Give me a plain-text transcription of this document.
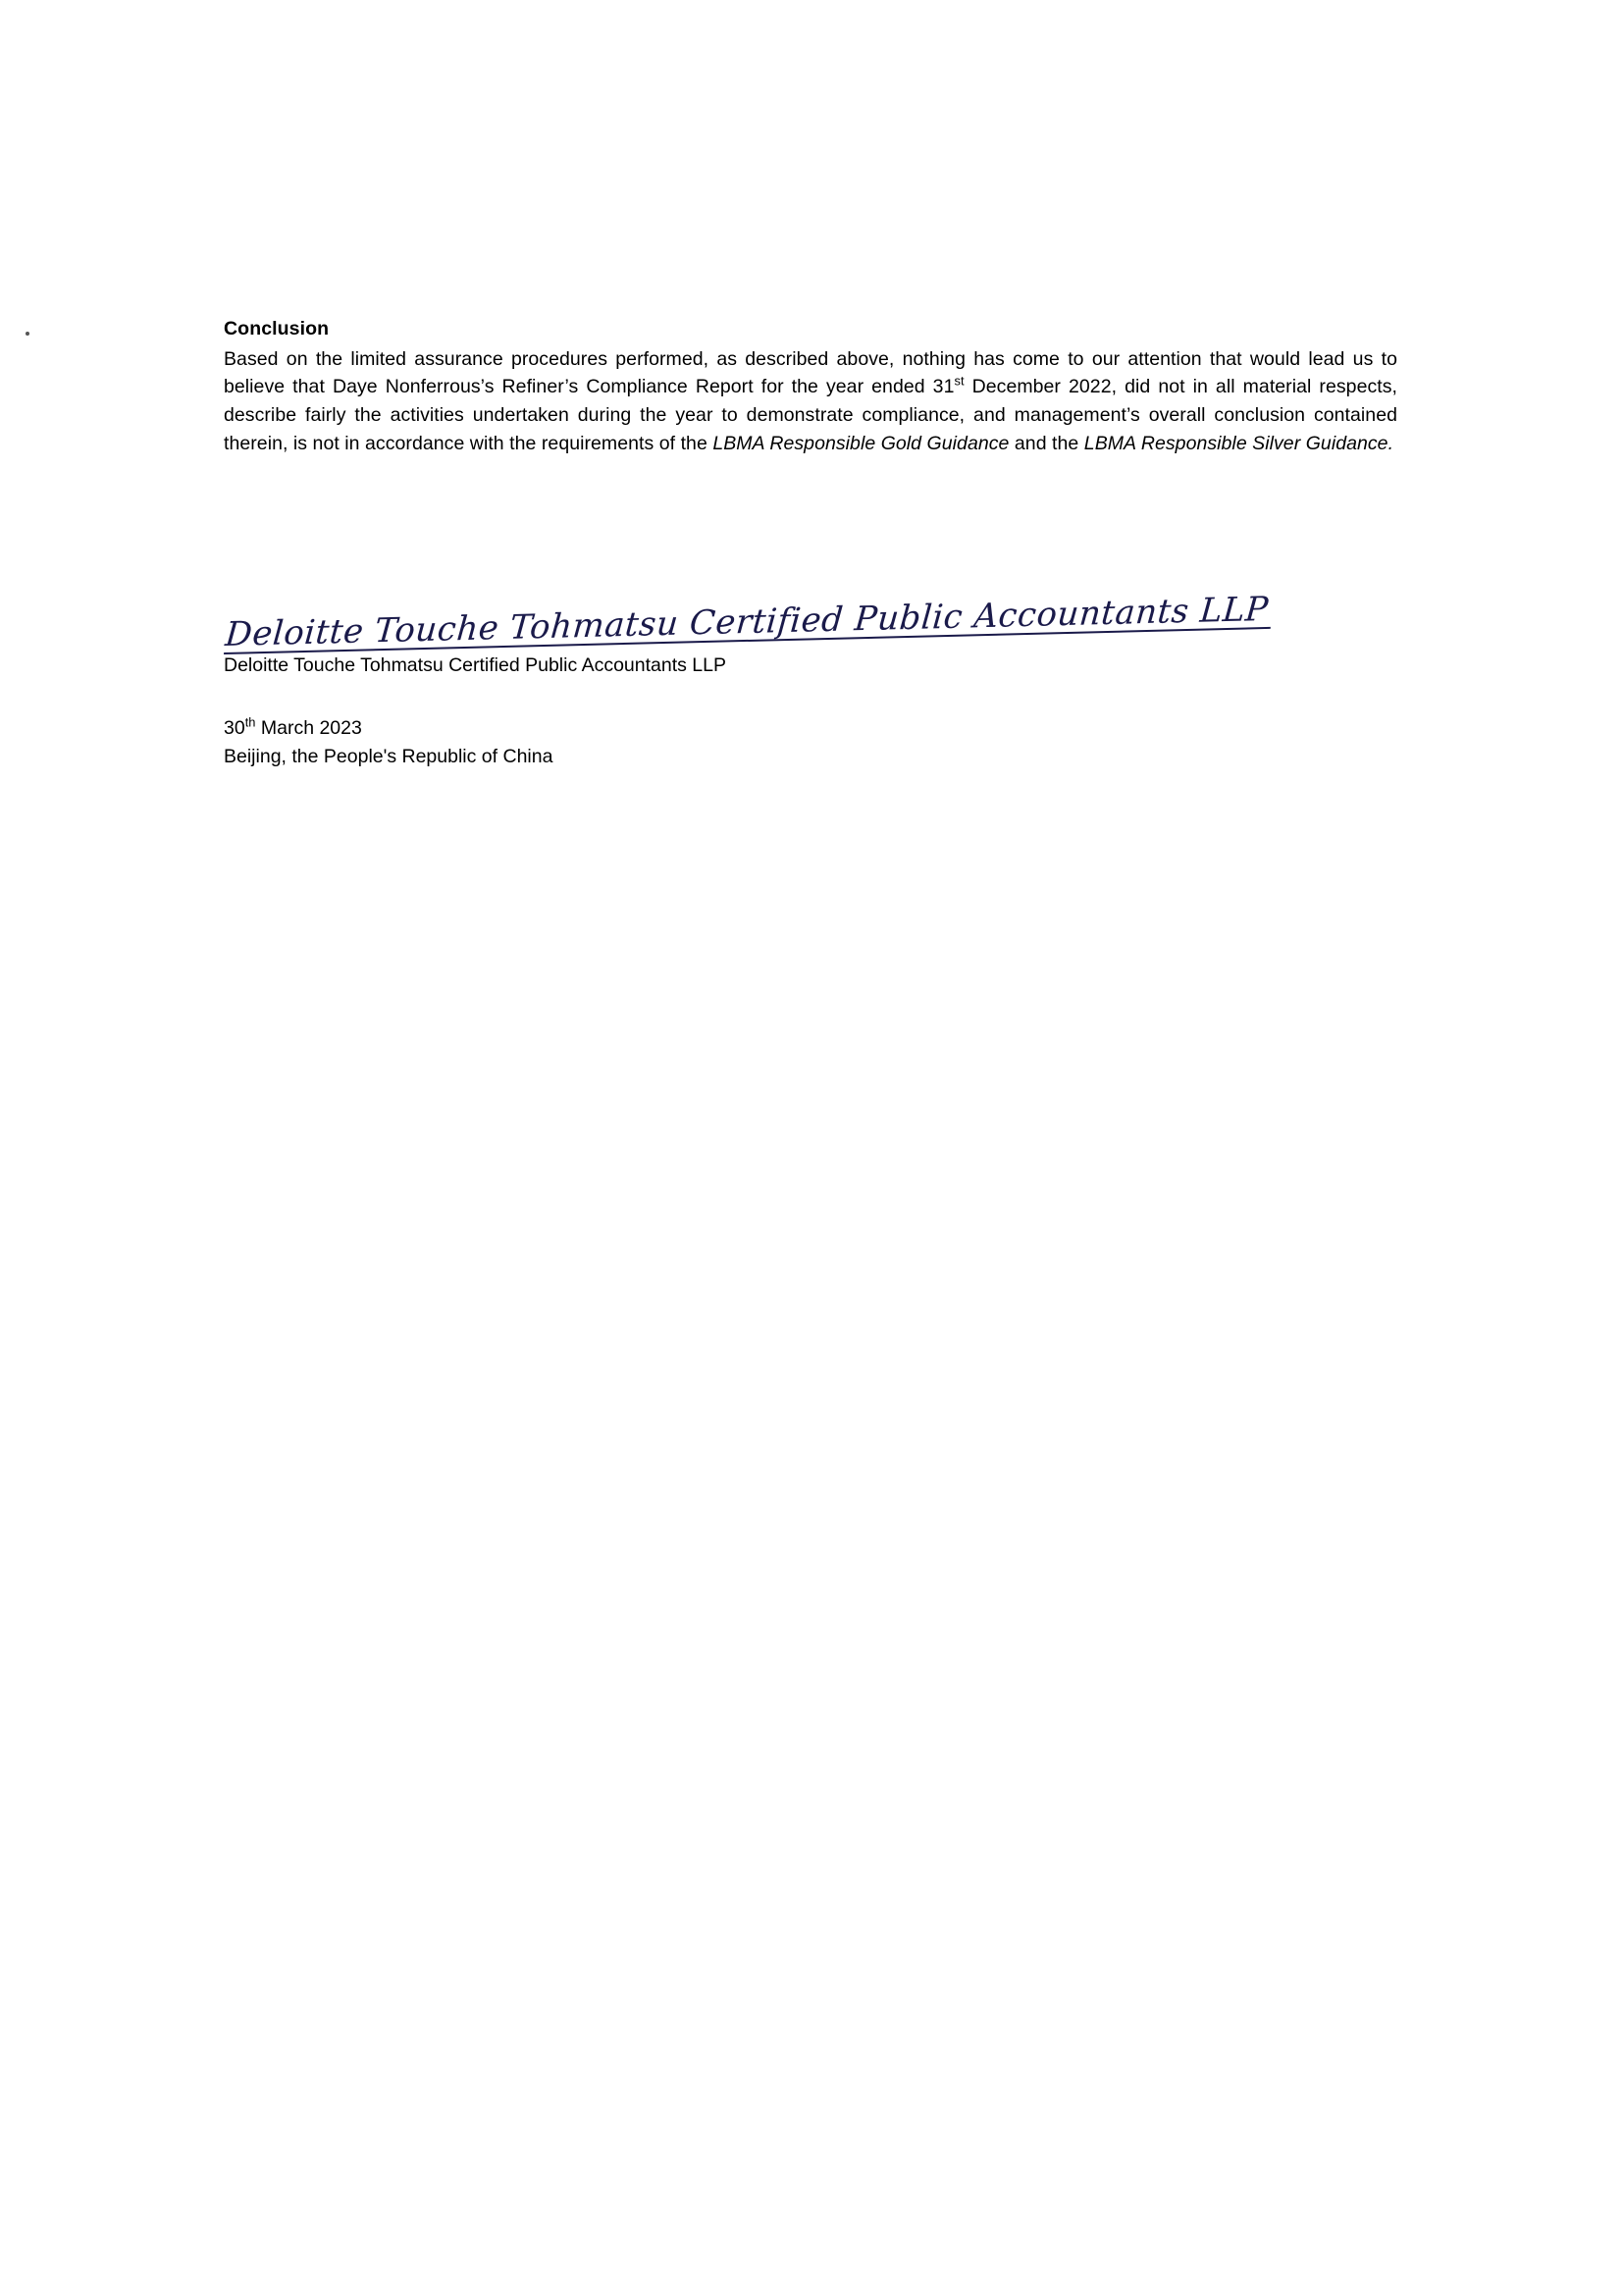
Conclusion

Based on the limited assurance procedures performed, as described above, nothing has come to our attention that would lead us to believe that Daye Nonferrous’s Refiner’s Compliance Report for the year ended 31st December 2022, did not in all material respects, describe fairly the activities undertaken during the year to demonstrate compliance, and management’s overall conclusion contained therein, is not in accordance with the requirements of the LBMA Responsible Gold Guidance and the LBMA Responsible Silver Guidance.

Deloitte Touche Tohmatsu Certified Public Accountants LLP
Deloitte Touche Tohmatsu Certified Public Accountants LLP
30th March 2023
Beijing, the People's Republic of China
